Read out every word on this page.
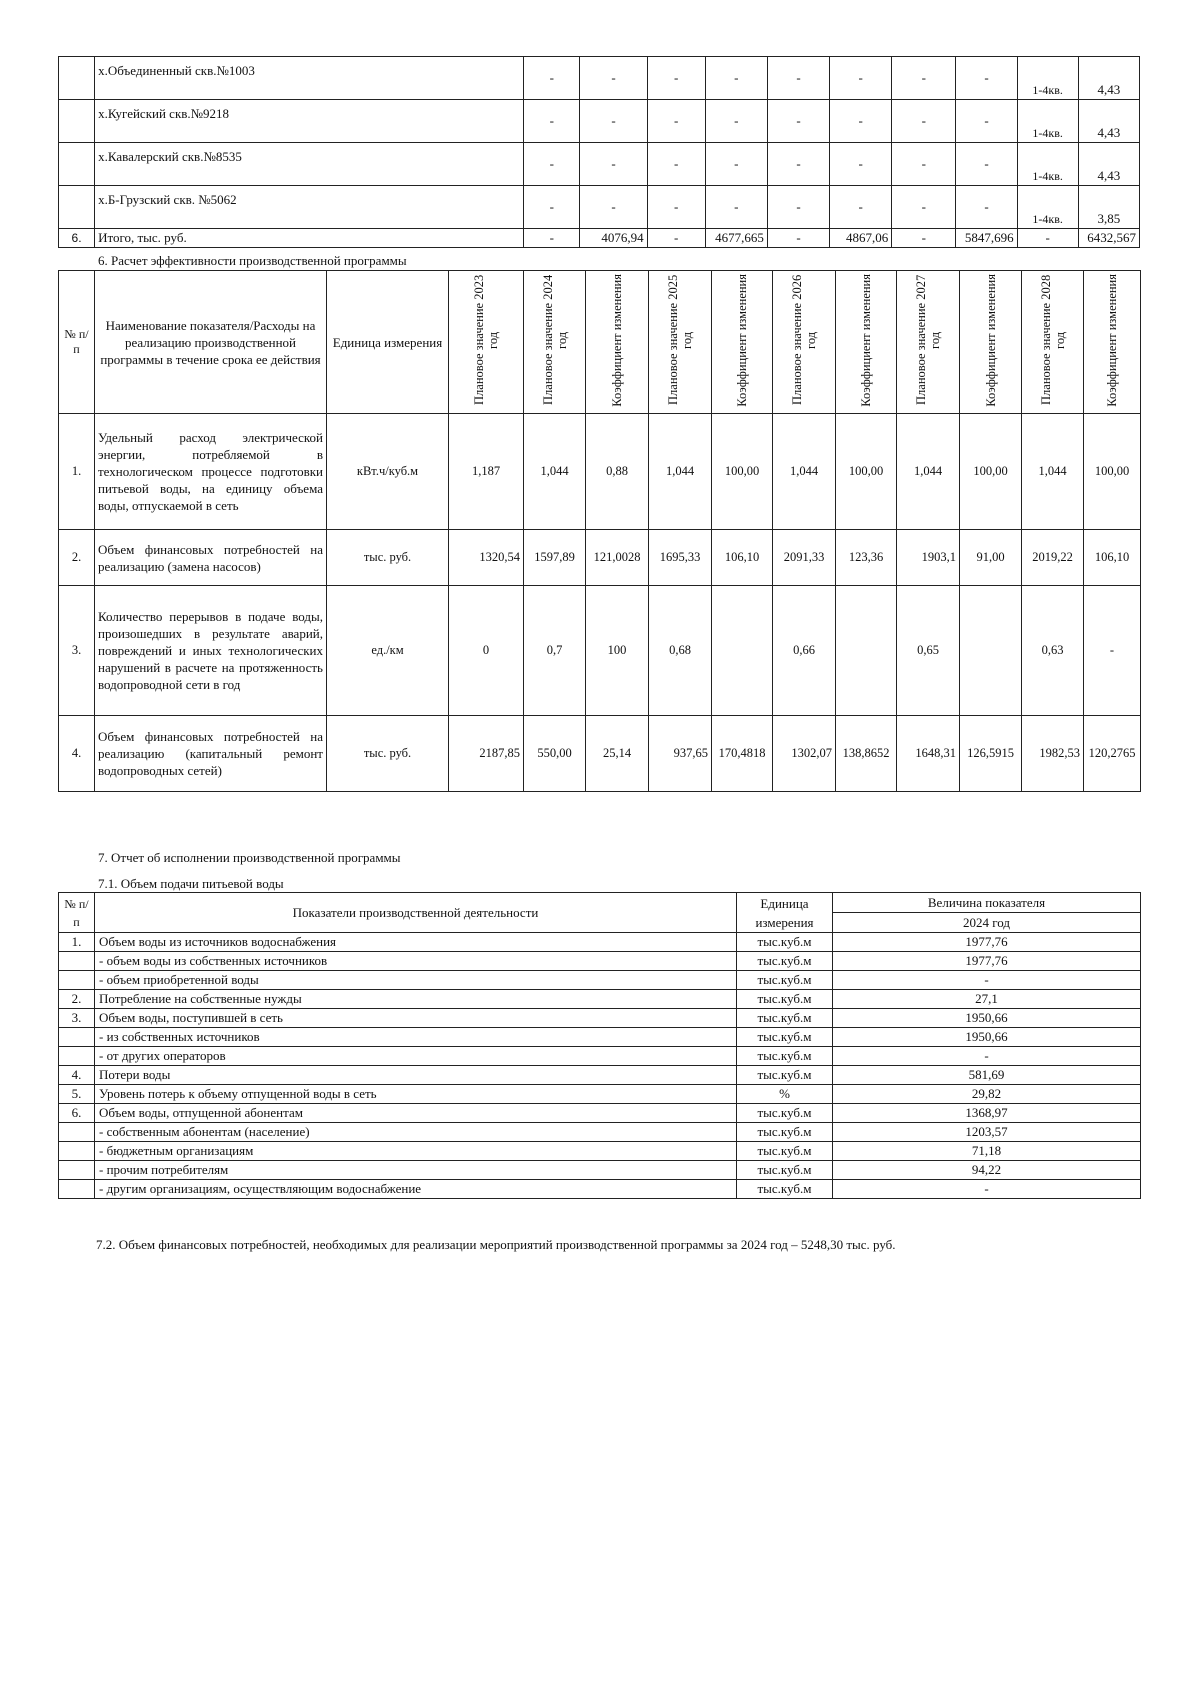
	х.Объединенный скв.№1003	-	-	-	-	-	-	-	-	1-4кв.	4,43
	х.Кугейский скв.№9218	-	-	-	-	-	-	-	-	1-4кв.	4,43
	х.Кавалерский скв.№8535	-	-	-	-	-	-	-	-	1-4кв.	4,43
	х.Б-Грузский скв. №5062	-	-	-	-	-	-	-	-	1-4кв.	3,85
6.	Итого, тыс. руб.	-	4076,94	-	4677,665	-	4867,06	-	5847,696	-	6432,567
6. Расчет эффективности производственной программы
№ п/п	Наименование показателя/Расходы на реализацию производственной программы в течение срока ее действия	Единица измерения	Плановое значение 2023 год	Плановое значение 2024 год	Коэффициент изменения	Плановое значение 2025 год	Коэффициент изменения	Плановое значение 2026 год	Коэффициент изменения	Плановое значение 2027 год	Коэффициент изменения	Плановое значение 2028 год	Коэффициент изменения
1.	Удельный расход электрической энергии, потребляемой в технологическом процессе подготовки питьевой воды, на единицу объема воды, отпускаемой в сеть	кВт.ч/куб.м	1,187	1,044	0,88	1,044	100,00	1,044	100,00	1,044	100,00	1,044	100,00
2.	Объем финансовых потребностей на реализацию (замена насосов)	тыс. руб.	1320,54	1597,89	121,0028	1695,33	106,10	2091,33	123,36	1903,1	91,00	2019,22	106,10
3.	Количество перерывов в подаче воды, произошедших в результате аварий, повреждений и иных технологических нарушений в расчете на протяженность водопроводной сети в год	ед./км	0	0,7	100	0,68		0,66		0,65		0,63	-
4.	Объем финансовых потребностей на реализацию (капитальный ремонт водопроводных сетей)	тыс. руб.	2187,85	550,00	25,14	937,65	170,4818	1302,07	138,8652	1648,31	126,5915	1982,53	120,2765
7. Отчет об исполнении производственной программы
7.1. Объем подачи питьевой воды
№ п/п	Показатели производственной деятельности	Единица измерения	Величина показателя
			2024 год
1.	Объем воды из источников водоснабжения	тыс.куб.м	1977,76
	- объем воды из собственных источников	тыс.куб.м	1977,76
	- объем приобретенной воды	тыс.куб.м	-
2.	Потребление на собственные нужды	тыс.куб.м	27,1
3.	Объем воды, поступившей в сеть	тыс.куб.м	1950,66
	- из собственных источников	тыс.куб.м	1950,66
	- от других операторов	тыс.куб.м	-
4.	Потери воды	тыс.куб.м	581,69
5.	Уровень потерь к объему отпущенной воды в сеть	%	29,82
6.	Объем воды, отпущенной абонентам	тыс.куб.м	1368,97
	- собственным абонентам (население)	тыс.куб.м	1203,57
	- бюджетным организациям	тыс.куб.м	71,18
	- прочим потребителям	тыс.куб.м	94,22
	- другим организациям, осуществляющим водоснабжение	тыс.куб.м	-
7.2. Объем финансовых потребностей, необходимых для реализации мероприятий производственной программы за 2024 год – 5248,30 тыс. руб.
